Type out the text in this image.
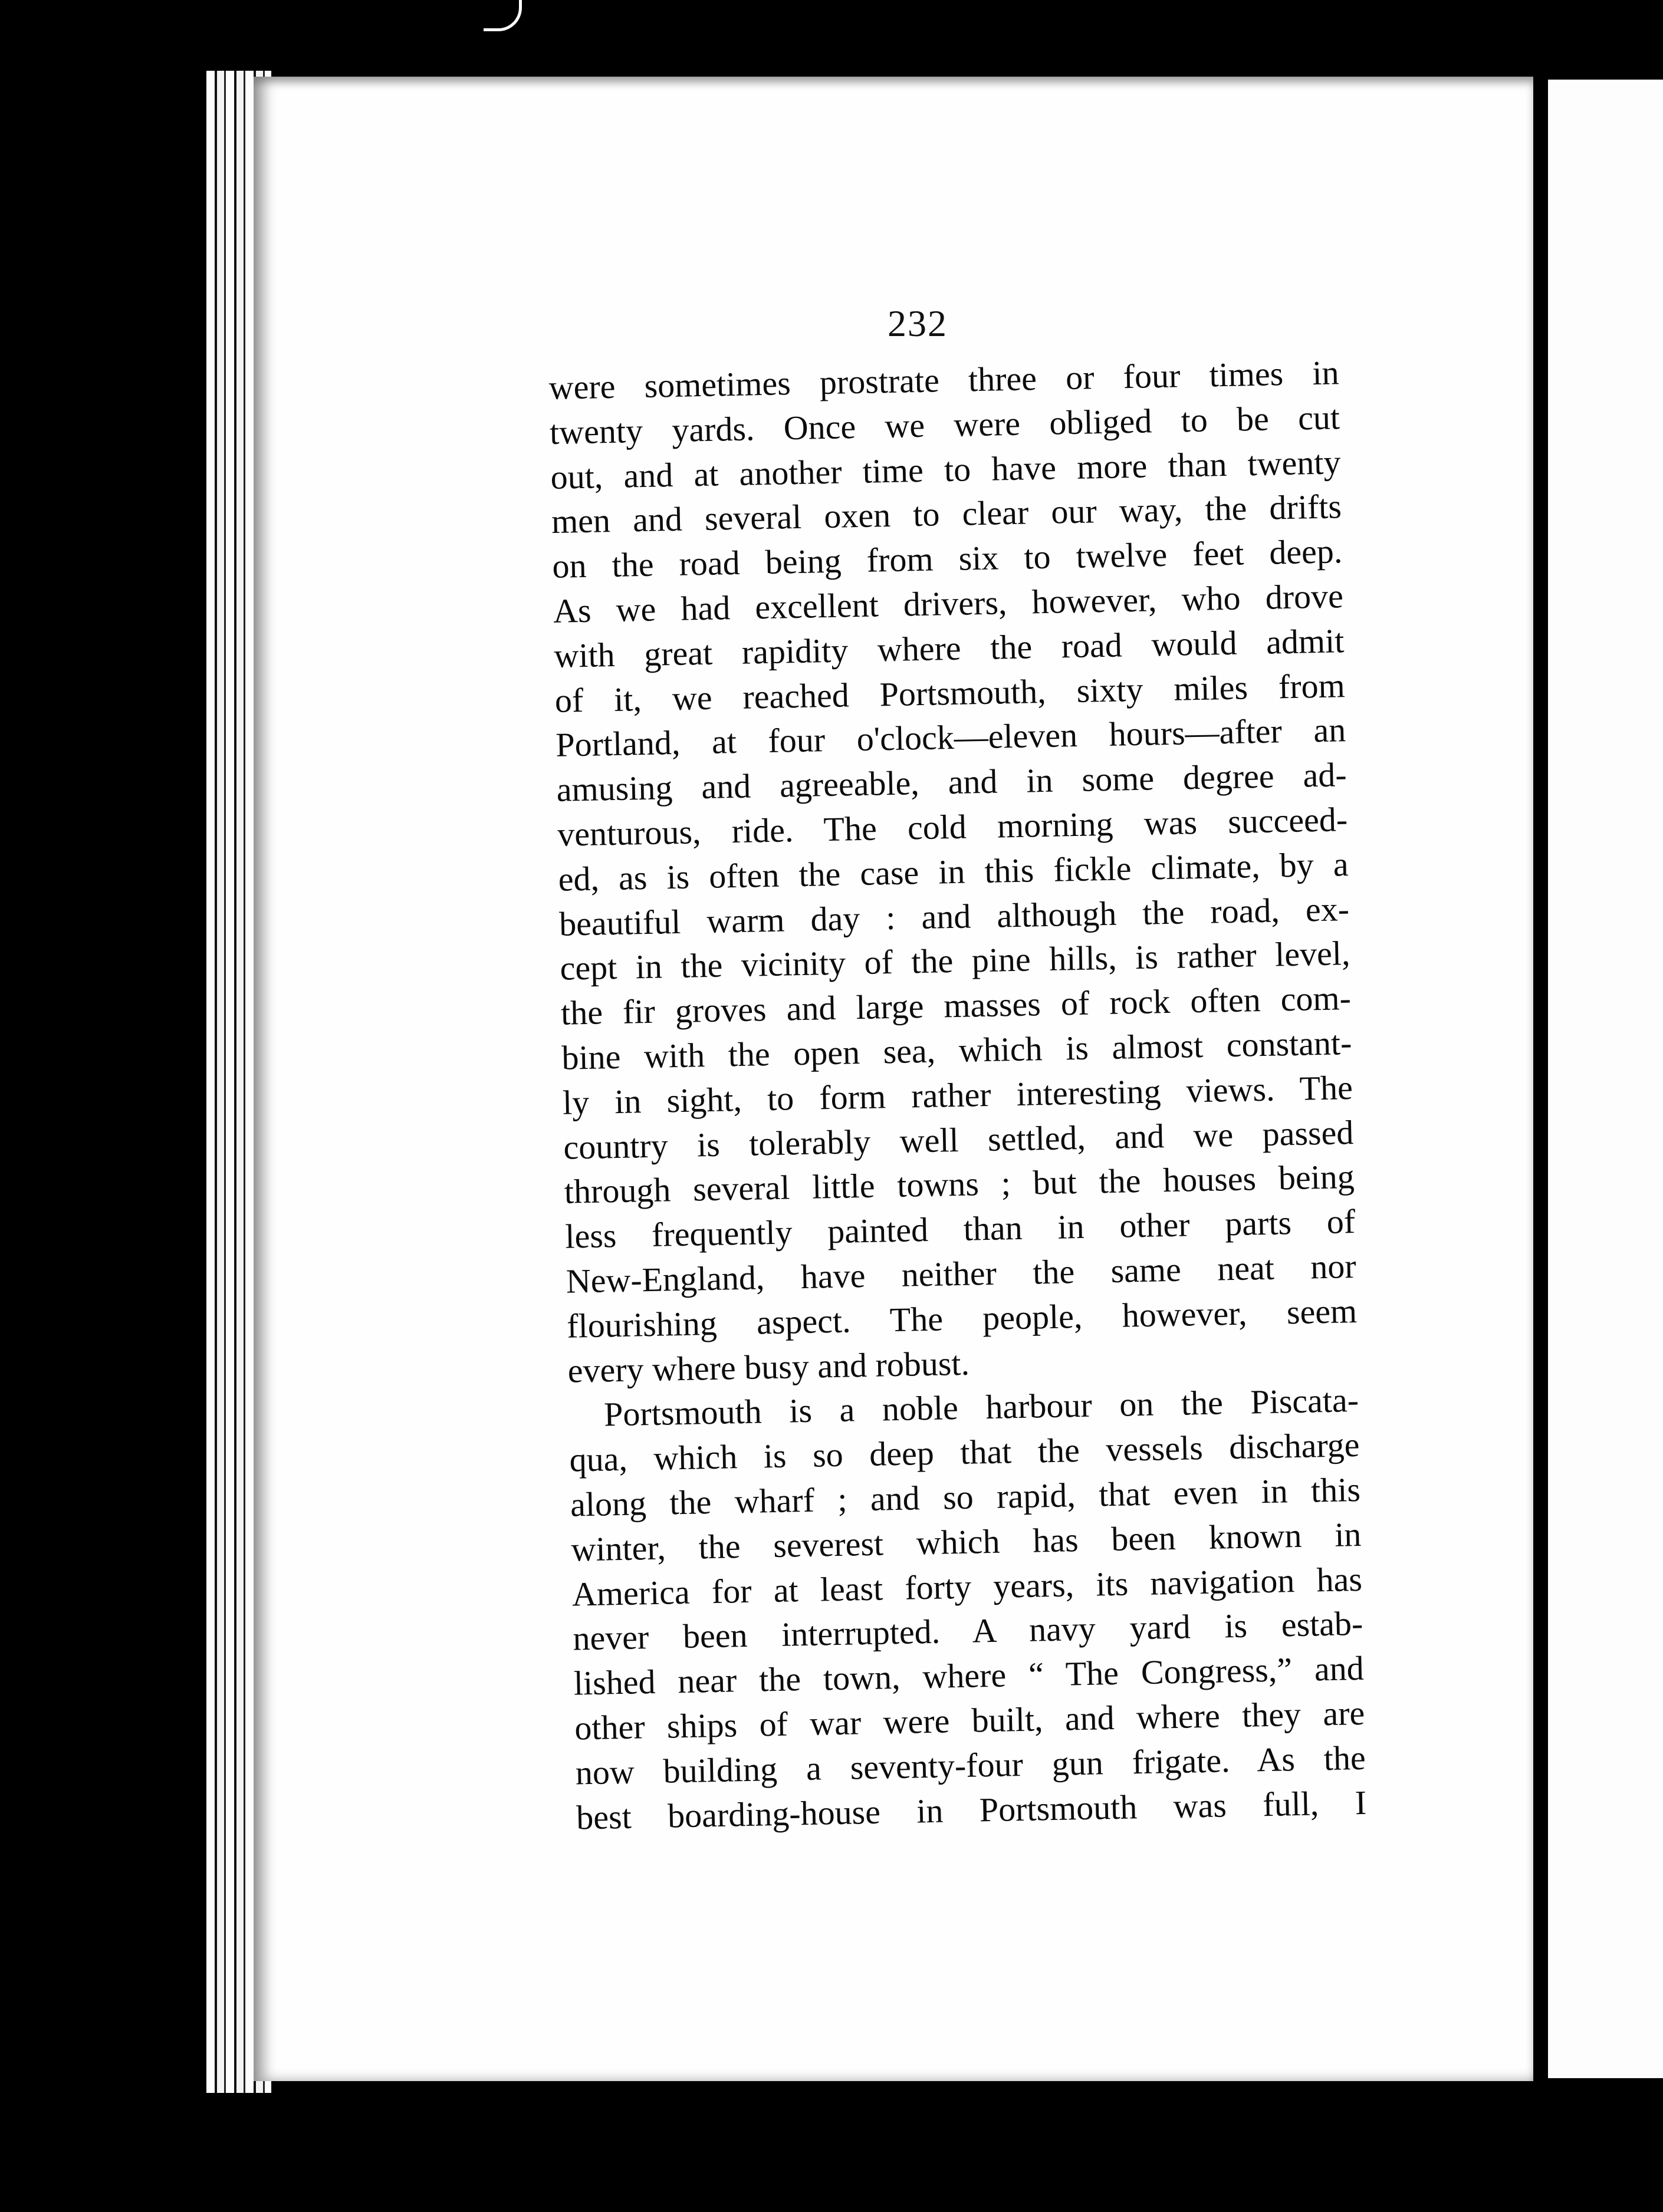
232
were sometimes prostrate three or four times in
twenty yards. Once we were obliged to be cut
out, and at another time to have more than twenty
men and several oxen to clear our way, the drifts
on the road being from six to twelve feet deep.
As we had excellent drivers, however, who drove
with great rapidity where the road would admit
of it, we reached Portsmouth, sixty miles from
Portland, at four o'clock—eleven hours—after an
amusing and agreeable, and in some degree ad-
venturous, ride. The cold morning was succeed-
ed, as is often the case in this fickle climate, by a
beautiful warm day : and although the road, ex-
cept in the vicinity of the pine hills, is rather level,
the fir groves and large masses of rock often com-
bine with the open sea, which is almost constant-
ly in sight, to form rather interesting views. The
country is tolerably well settled, and we passed
through several little towns ; but the houses being
less frequently painted than in other parts of
New-England, have neither the same neat nor
flourishing aspect. The people, however, seem
every where busy and robust.
Portsmouth is a noble harbour on the Piscata-
qua, which is so deep that the vessels discharge
along the wharf ; and so rapid, that even in this
winter, the severest which has been known in
America for at least forty years, its navigation has
never been interrupted. A navy yard is estab-
lished near the town, where “ The Congress,” and
other ships of war were built, and where they are
now building a seventy-four gun frigate. As the
best boarding-house in Portsmouth was full, I
